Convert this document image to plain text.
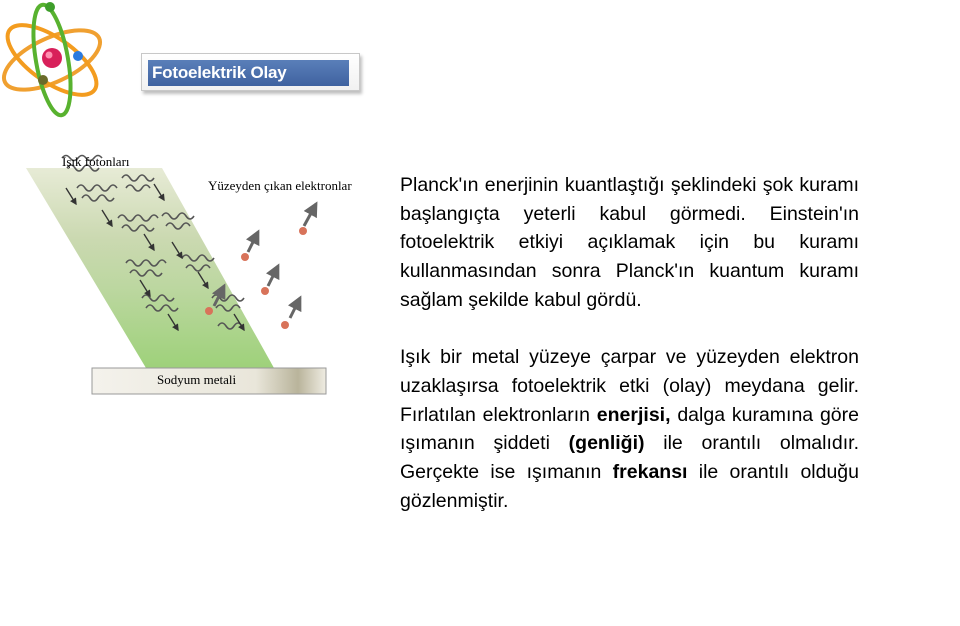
Fotoelektrik Olay
Işık fotonları
Yüzeyden çıkan elektronlar
Sodyum metali

Planck'ın enerjinin kuantlaştığı şeklindeki şok kuramı başlangıçta yeterli kabul görmedi. Einstein'ın fotoelektrik etkiyi açıklamak için bu kuramı kullanmasından sonra Planck'ın kuantum kuramı sağlam şekilde kabul gördü.

Işık bir metal yüzeye çarpar ve yüzeyden elektron uzaklaşırsa fotoelektrik etki (olay) meydana gelir. Fırlatılan elektronların enerjisi, dalga kuramına göre ışımanın şiddeti (genliği) ile orantılı olmalıdır. Gerçekte ise ışımanın frekansı ile orantılı olduğu gözlenmiştir.
